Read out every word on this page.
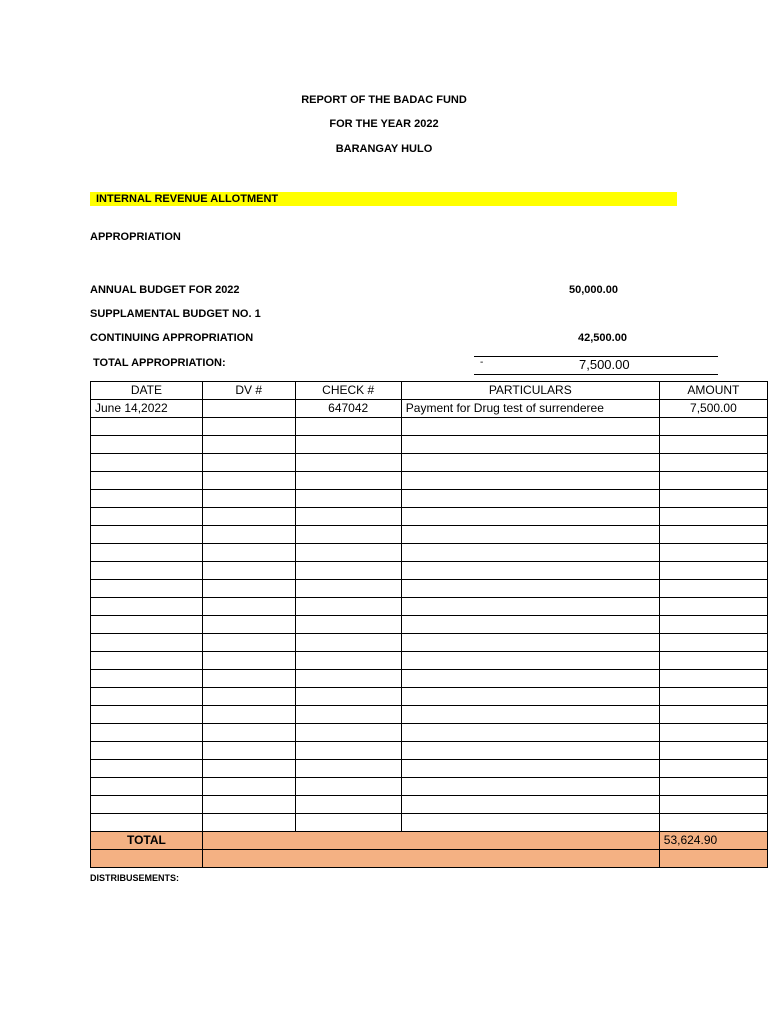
REPORT OF THE BADAC FUND
FOR THE YEAR 2022
BARANGAY HULO
INTERNAL REVENUE ALLOTMENT
APPROPRIATION
ANNUAL BUDGET FOR 2022	50,000.00
SUPPLAMENTAL BUDGET NO. 1
CONTINUING APPROPRIATION	42,500.00
TOTAL APPROPRIATION:	-	7,500.00
DATE	DV #	CHECK #	PARTICULARS	AMOUNT
June 14,2022		647042	Payment for Drug test of surrenderee	7,500.00

TOTAL				53,624.90

DISTRIBUSEMENTS:
